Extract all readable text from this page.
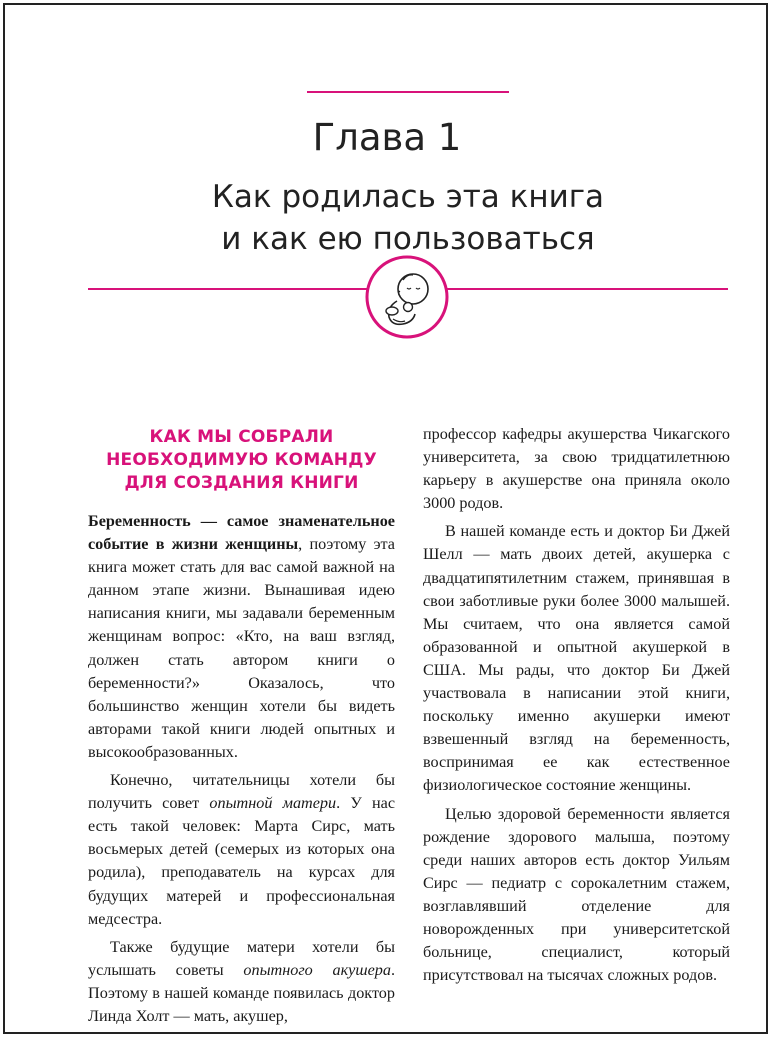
Глава 1
Как родилась эта книга
и как ею пользоваться
КАК МЫ СОБРАЛИ
НЕОБХОДИМУЮ КОМАНДУ
ДЛЯ СОЗДАНИЯ КНИГИ

Беременность — самое знаменательное событие в жизни женщины, поэтому эта книга может стать для вас самой важной на данном этапе жизни. Вынашивая идею написания книги, мы задавали беременным женщинам вопрос: «Кто, на ваш взгляд, должен стать автором книги о беременности?» Оказалось, что большинство женщин хотели бы видеть авторами такой книги людей опытных и высокообразованных.

Конечно, читательницы хотели бы получить совет опытной матери. У нас есть такой человек: Марта Сирс, мать восьмерых детей (семерых из которых она родила), преподаватель на курсах для будущих матерей и профессиональная медсестра.

Также будущие матери хотели бы услышать советы опытного акушера. Поэтому в нашей команде появилась доктор Линда Холт — мать, акушер,

профессор кафедры акушерства Чикагского университета, за свою тридцатилетнюю карьеру в акушерстве она приняла около 3000 родов.

В нашей команде есть и доктор Би Джей Шелл — мать двоих детей, акушерка с двадцатипятилетним стажем, принявшая в свои заботливые руки более 3000 малышей. Мы считаем, что она является самой образованной и опытной акушеркой в США. Мы рады, что доктор Би Джей участвовала в написании этой книги, поскольку именно акушерки имеют взвешенный взгляд на беременность, воспринимая ее как естественное физиологическое состояние женщины.

Целью здоровой беременности является рождение здорового малыша, поэтому среди наших авторов есть доктор Уильям Сирс — педиатр с сорокалетним стажем, возглавлявший отделение для новорожденных при университетской больнице, специалист, который присутствовал на тысячах сложных родов.
